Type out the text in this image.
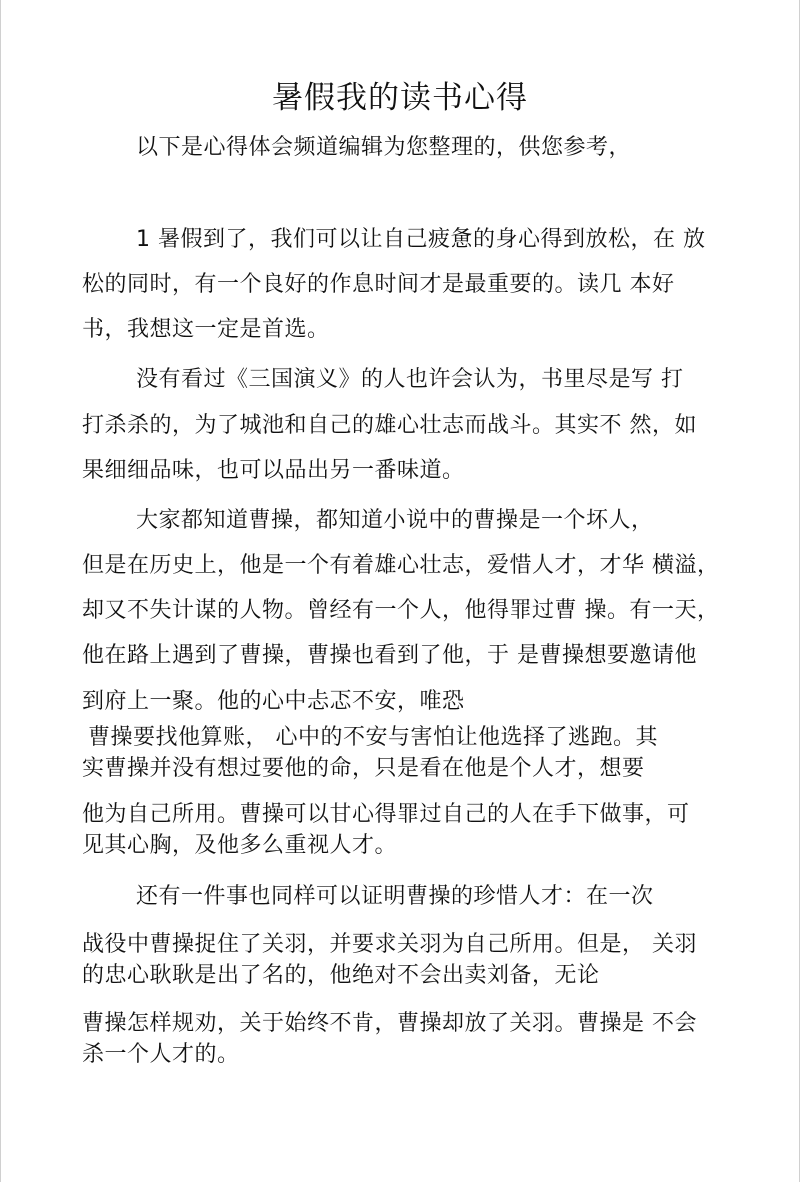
暑假我的读书心得
以下是心得体会频道编辑为您整理的，供您参考，
1 暑假到了，我们可以让自己疲惫的身心得到放松，在 放
松的同时，有一个良好的作息时间才是最重要的。读几 本好
书，我想这一定是首选。
没有看过《三国演义》的人也许会认为，书里尽是写 打
打杀杀的，为了城池和自己的雄心壮志而战斗。其实不 然，如
果细细品味，也可以品出另一番味道。
大家都知道曹操，都知道小说中的曹操是一个坏人，
但是在历史上，他是一个有着雄心壮志，爱惜人才，才华 横溢，
却又不失计谋的人物。曾经有一个人，他得罪过曹 操。有一天，
他在路上遇到了曹操，曹操也看到了他，于 是曹操想要邀请他
到府上一聚。他的心中忐忑不安，唯恐
曹操要找他算账， 心中的不安与害怕让他选择了逃跑。其
实曹操并没有想过要他的命，只是看在他是个人才，想要
他为自己所用。曹操可以甘心得罪过自己的人在手下做事，可
见其心胸，及他多么重视人才。
还有一件事也同样可以证明曹操的珍惜人才：在一次
战役中曹操捉住了关羽，并要求关羽为自己所用。但是， 关羽
的忠心耿耿是出了名的，他绝对不会出卖刘备，无论
曹操怎样规劝，关于始终不肯，曹操却放了关羽。曹操是 不会
杀一个人才的。
